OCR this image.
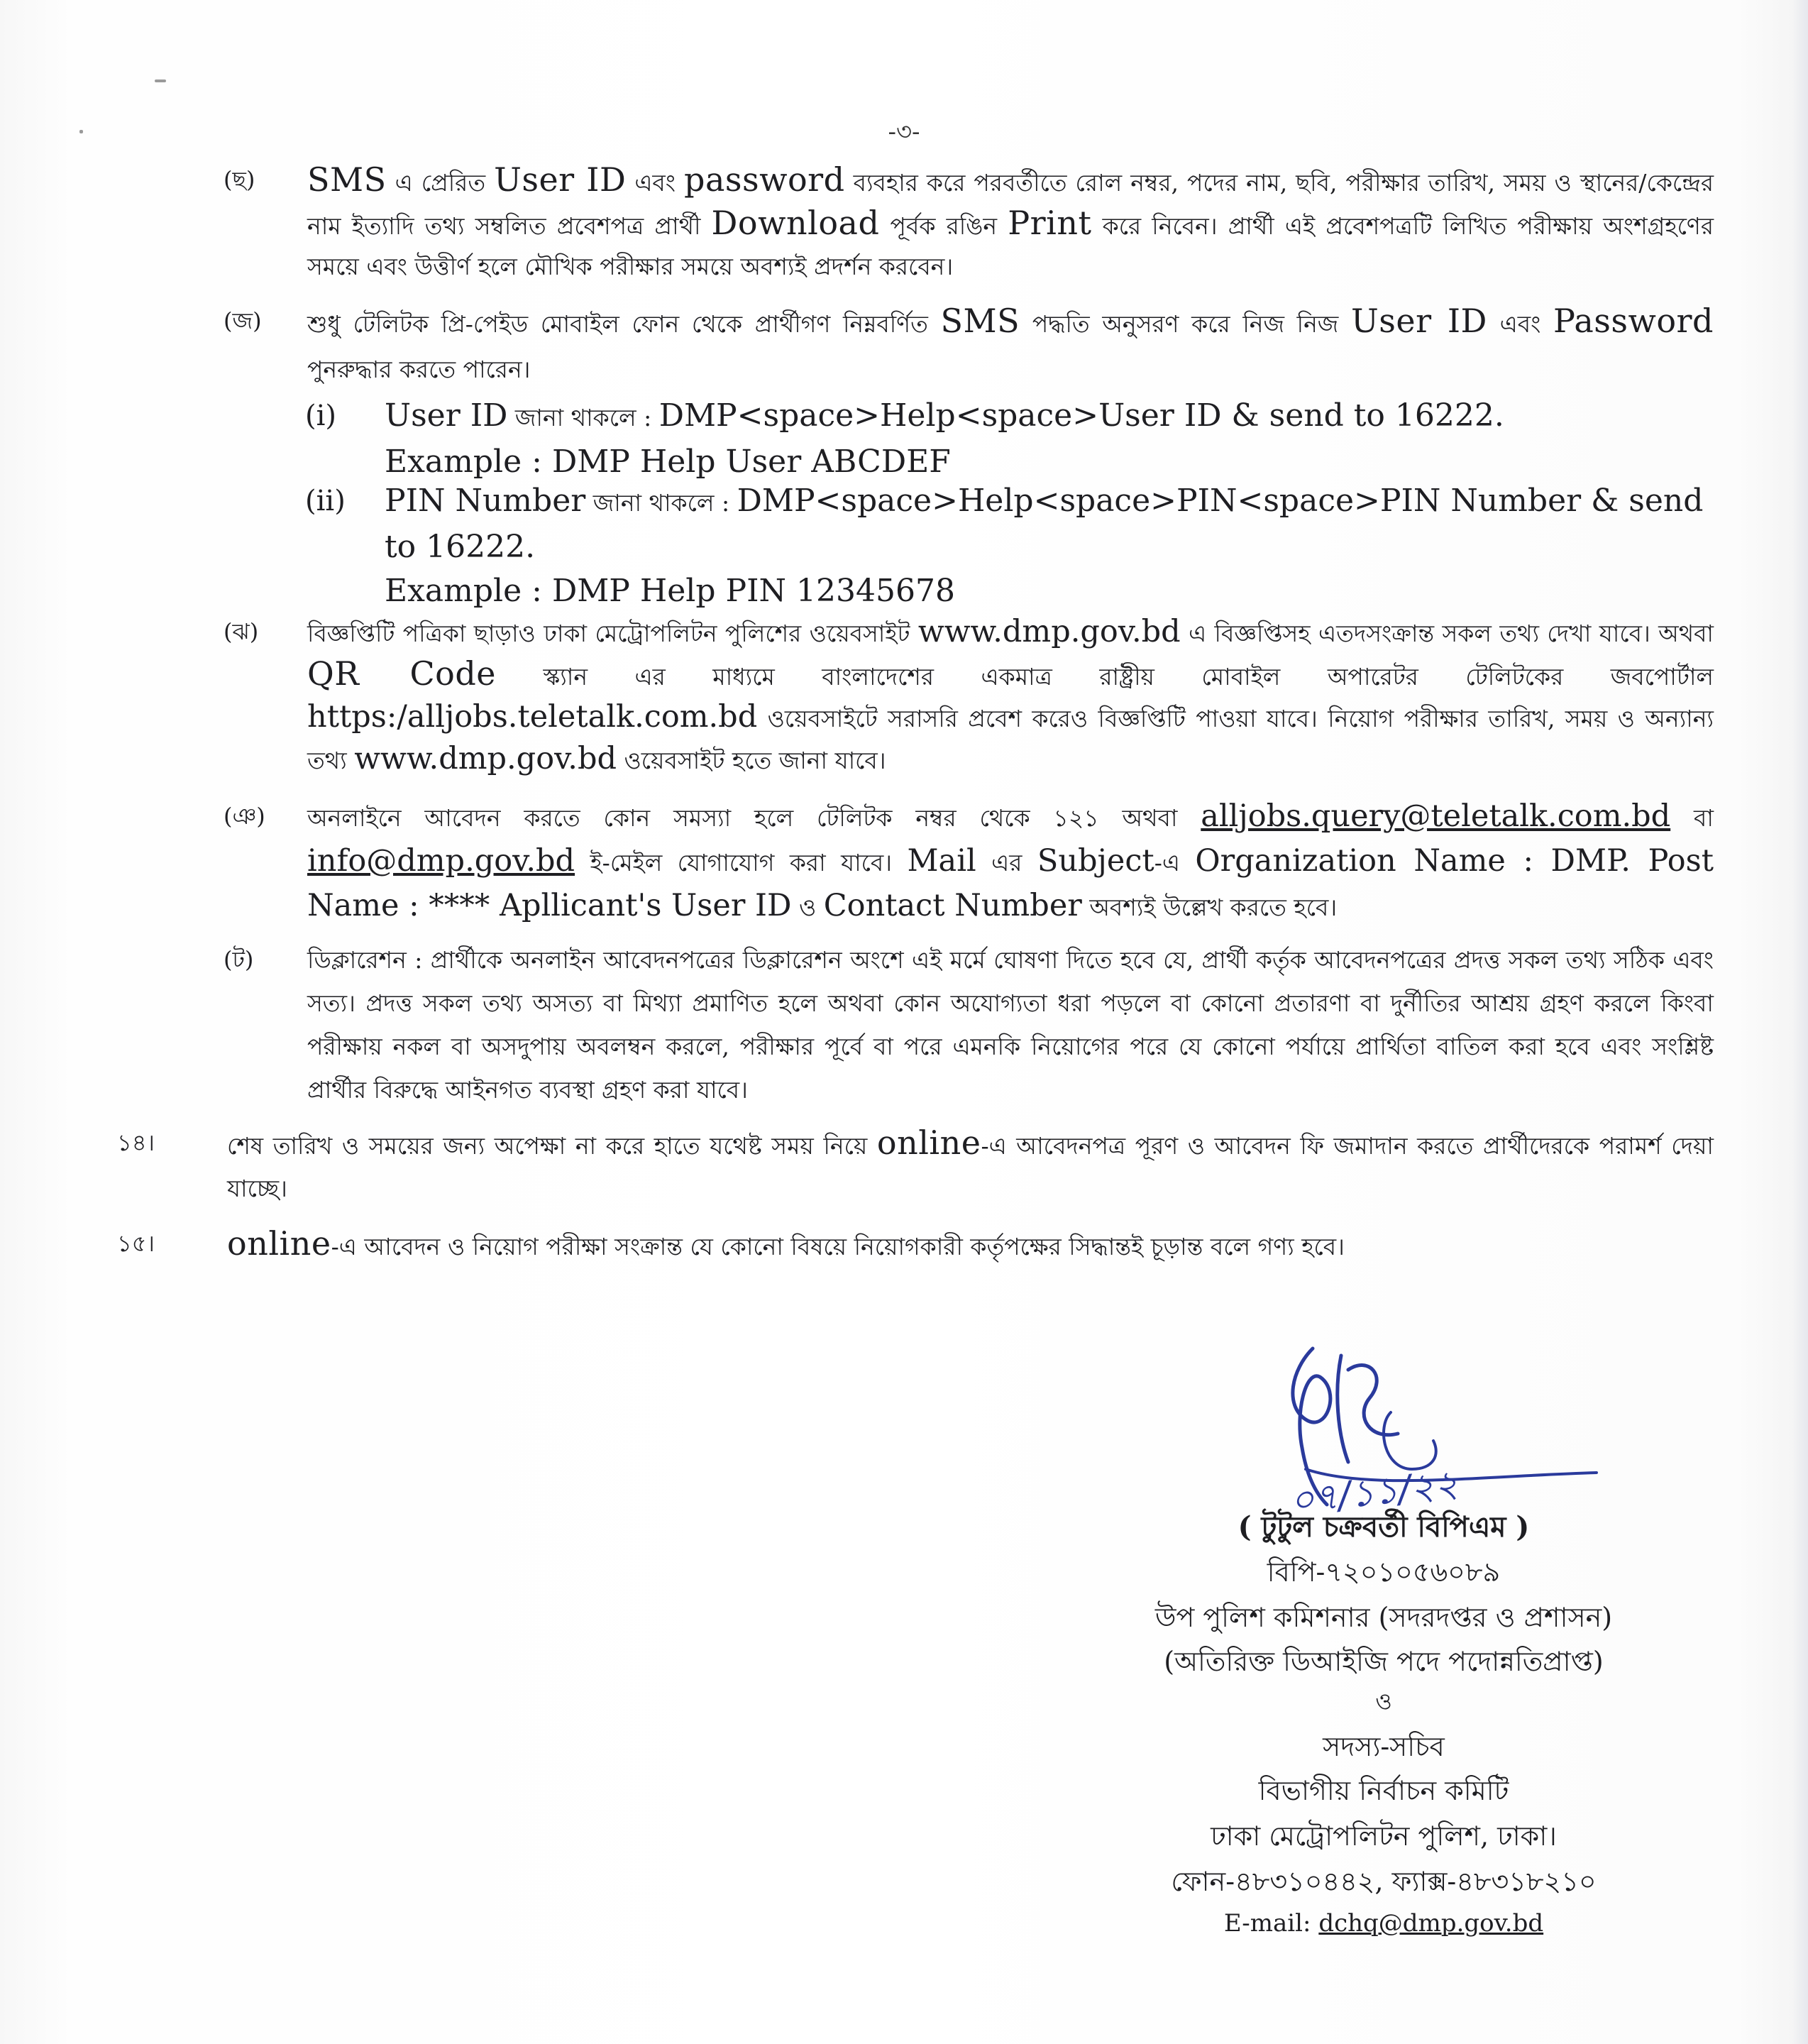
-৩-
(ছ)	SMS এ প্রেরিত User ID এবং password ব্যবহার করে পরবর্তীতে রোল নম্বর, পদের নাম, ছবি, পরীক্ষার তারিখ, সময় ও স্থানের/কেন্দ্রের নাম ইত্যাদি তথ্য সম্বলিত প্রবেশপত্র প্রার্থী Download পূর্বক রঙিন Print করে নিবেন। প্রার্থী এই প্রবেশপত্রটি লিখিত পরীক্ষায় অংশগ্রহণের সময়ে এবং উত্তীর্ণ হলে মৌখিক পরীক্ষার সময়ে অবশ্যই প্রদর্শন করবেন।
(জ)	শুধু টেলিটক প্রি-পেইড মোবাইল ফোন থেকে প্রার্থীগণ নিম্নবর্ণিত SMS পদ্ধতি অনুসরণ করে নিজ নিজ User ID এবং Password পুনরুদ্ধার করতে পারেন।
(i) User ID জানা থাকলে : DMP<space>Help<space>User ID & send to 16222.
Example : DMP Help User ABCDEF
(ii) PIN Number জানা থাকলে : DMP<space>Help<space>PIN<space>PIN Number & send to 16222.
Example : DMP Help PIN 12345678
(ঝ)	বিজ্ঞপ্তিটি পত্রিকা ছাড়াও ঢাকা মেট্রোপলিটন পুলিশের ওয়েবসাইট www.dmp.gov.bd এ বিজ্ঞপ্তিসহ এতদসংক্রান্ত সকল তথ্য দেখা যাবে। অথবা QR Code স্ক্যান এর মাধ্যমে বাংলাদেশের একমাত্র রাষ্ট্রীয় মোবাইল অপারেটর টেলিটকের জবপোর্টাল https:/alljobs.teletalk.com.bd ওয়েবসাইটে সরাসরি প্রবেশ করেও বিজ্ঞপ্তিটি পাওয়া যাবে। নিয়োগ পরীক্ষার তারিখ, সময় ও অন্যান্য তথ্য www.dmp.gov.bd ওয়েবসাইট হতে জানা যাবে।
(ঞ)	অনলাইনে আবেদন করতে কোন সমস্যা হলে টেলিটক নম্বর থেকে ১২১ অথবা alljobs.query@teletalk.com.bd বা info@dmp.gov.bd ই-মেইল যোগাযোগ করা যাবে। Mail এর Subject-এ Organization Name : DMP. Post Name : **** Apllicant's User ID ও Contact Number অবশ্যই উল্লেখ করতে হবে।
(ট)	ডিক্লারেশন : প্রার্থীকে অনলাইন আবেদনপত্রের ডিক্লারেশন অংশে এই মর্মে ঘোষণা দিতে হবে যে, প্রার্থী কর্তৃক আবেদনপত্রের প্রদত্ত সকল তথ্য সঠিক এবং সত্য। প্রদত্ত সকল তথ্য অসত্য বা মিথ্যা প্রমাণিত হলে অথবা কোন অযোগ্যতা ধরা পড়লে বা কোনো প্রতারণা বা দুর্নীতির আশ্রয় গ্রহণ করলে কিংবা পরীক্ষায় নকল বা অসদুপায় অবলম্বন করলে, পরীক্ষার পূর্বে বা পরে এমনকি নিয়োগের পরে যে কোনো পর্যায়ে প্রার্থিতা বাতিল করা হবে এবং সংশ্লিষ্ট প্রার্থীর বিরুদ্ধে আইনগত ব্যবস্থা গ্রহণ করা যাবে।
১৪।	শেষ তারিখ ও সময়ের জন্য অপেক্ষা না করে হাতে যথেষ্ট সময় নিয়ে online-এ আবেদনপত্র পূরণ ও আবেদন ফি জমাদান করতে প্রার্থীদেরকে পরামর্শ দেয়া যাচ্ছে।
১৫। online-এ আবেদন ও নিয়োগ পরীক্ষা সংক্রান্ত যে কোনো বিষয়ে নিয়োগকারী কর্তৃপক্ষের সিদ্ধান্তই চূড়ান্ত বলে গণ্য হবে।
০৭/১১/২২
( টুটুল চক্রবর্তী বিপিএম )
বিপি-৭২০১০৫৬০৮৯
উপ পুলিশ কমিশনার (সদরদপ্তর ও প্রশাসন)
(অতিরিক্ত ডিআইজি পদে পদোন্নতিপ্রাপ্ত)
ও
সদস্য-সচিব
বিভাগীয় নির্বাচন কমিটি
ঢাকা মেট্রোপলিটন পুলিশ, ঢাকা।
ফোন-৪৮৩১০৪৪২, ফ্যাক্স-৪৮৩১৮২১০
E-mail: dchq@dmp.gov.bd
